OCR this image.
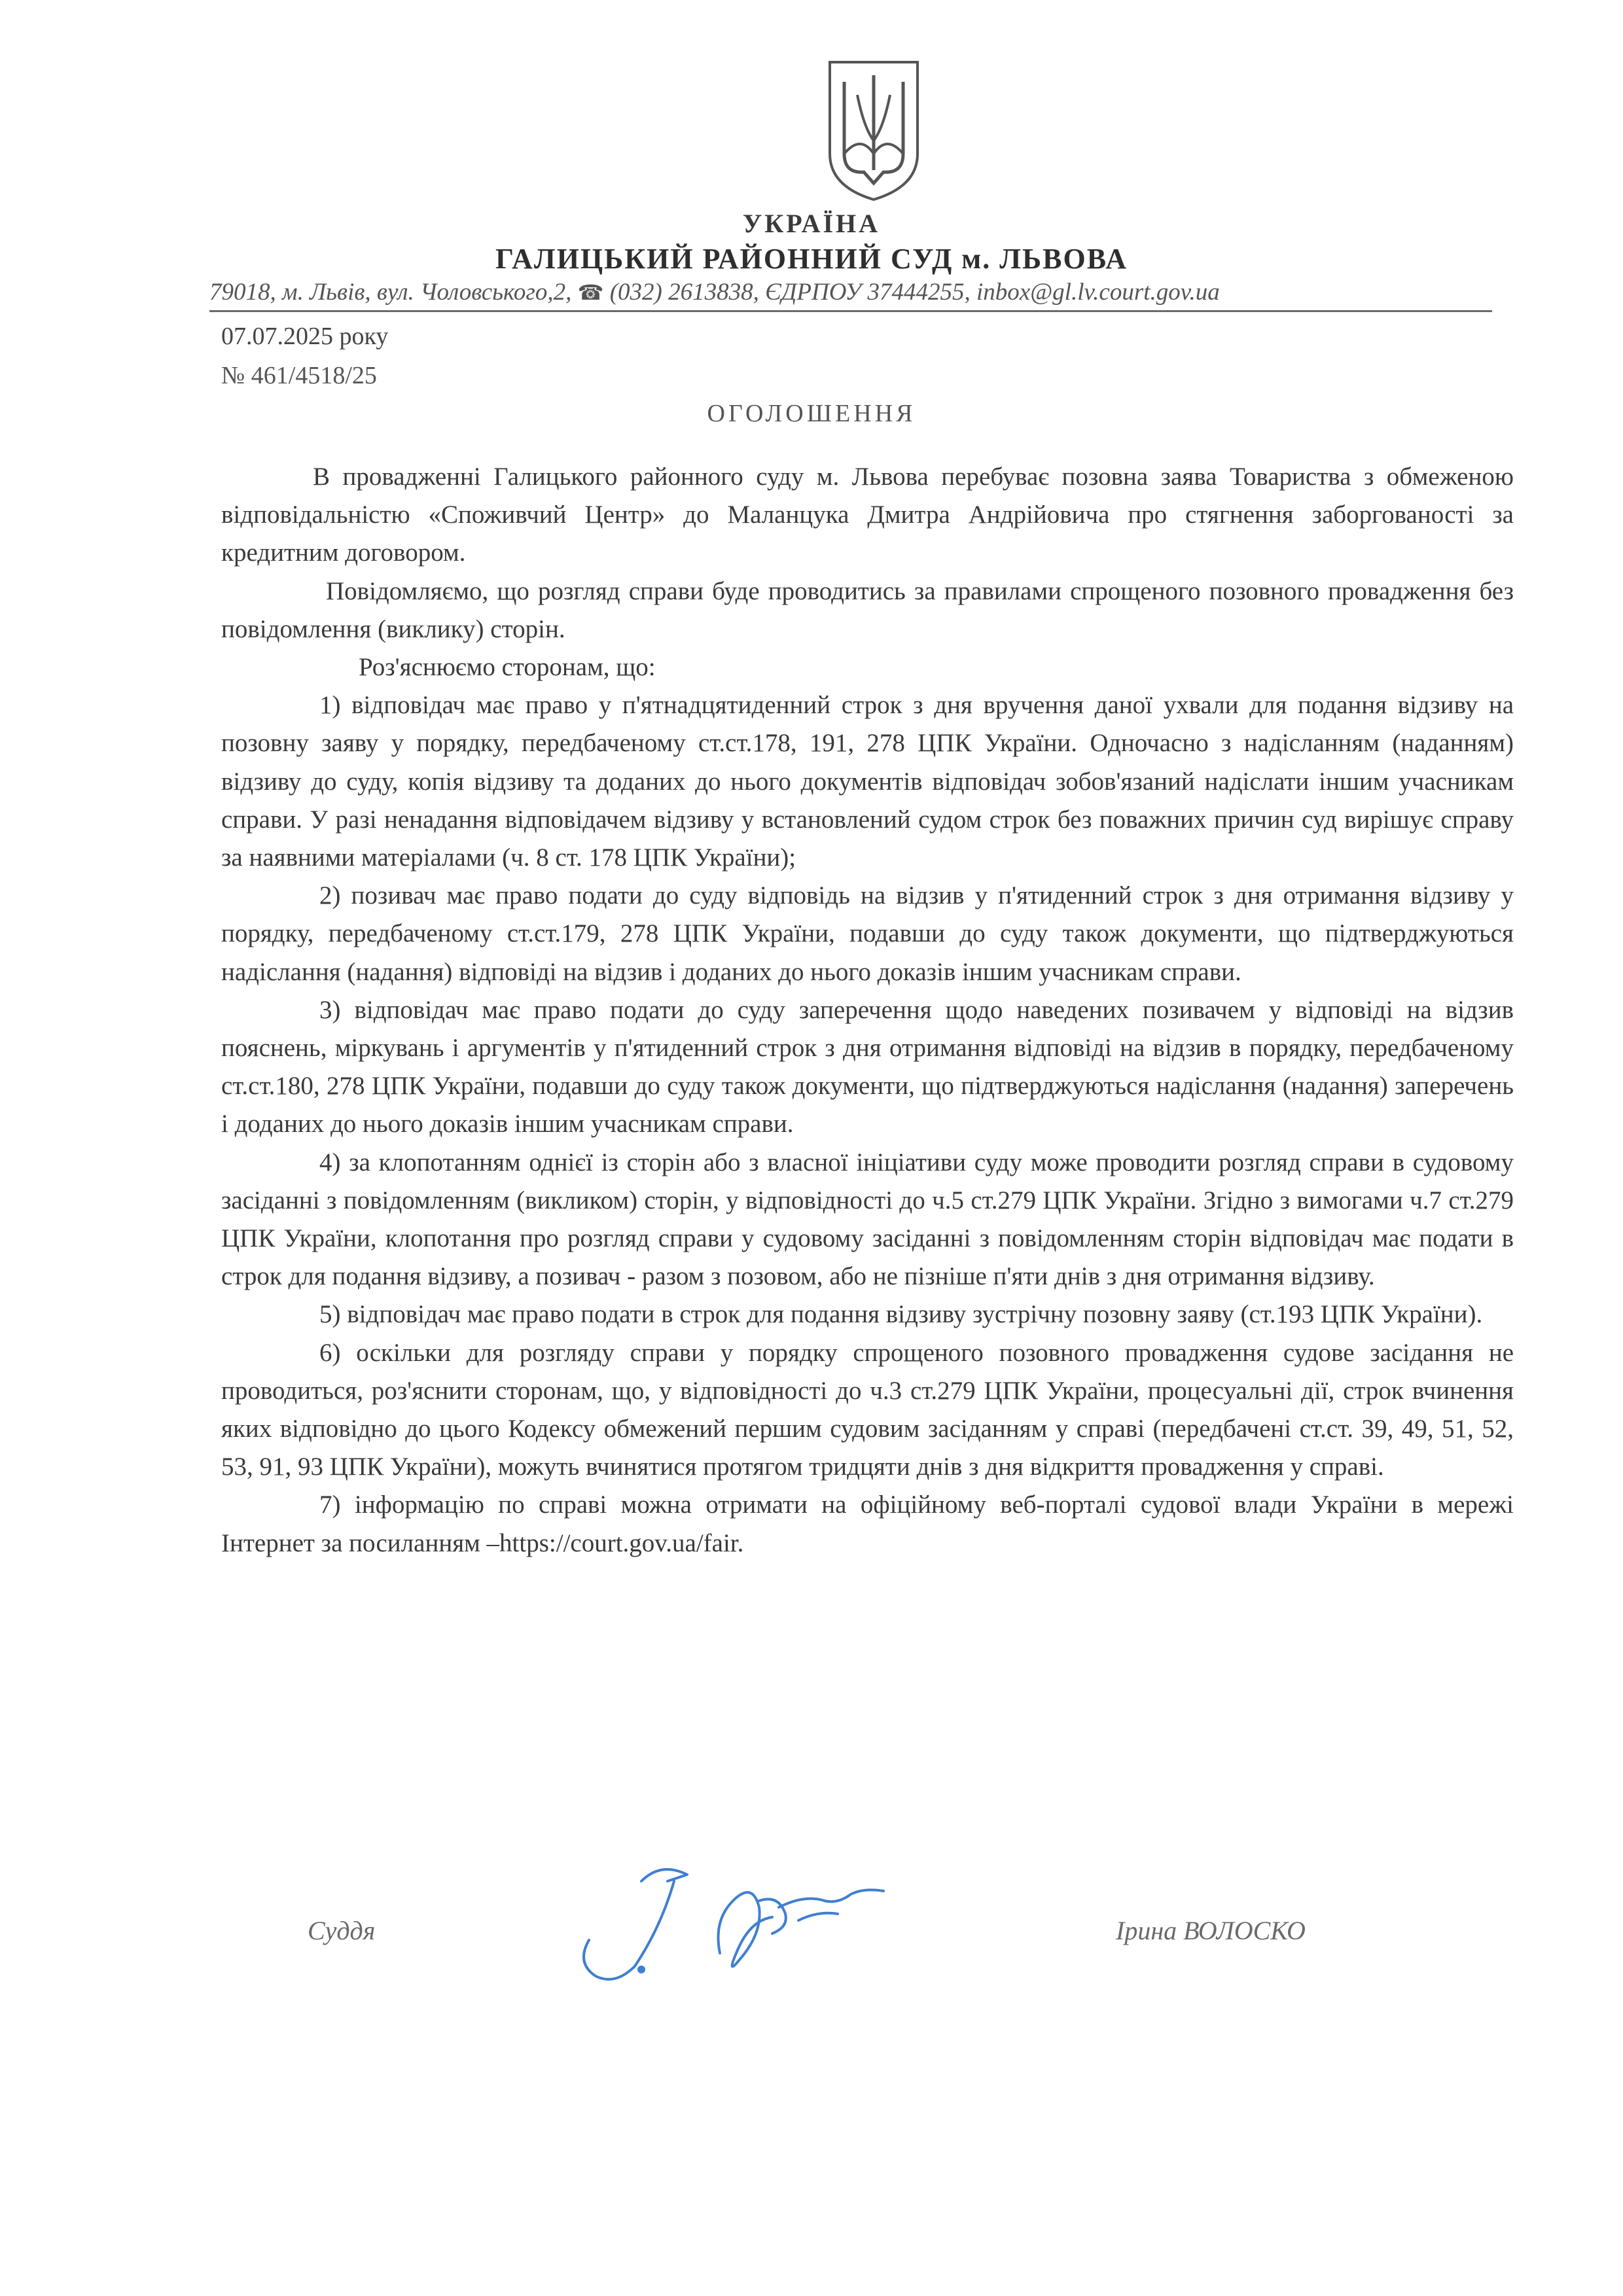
УКРАЇНА
ГАЛИЦЬКИЙ РАЙОННИЙ СУД м. ЛЬВОВА
79018, м. Львів, вул. Чоловського,2, ☎ (032) 2613838, ЄДРПОУ 37444255, inbox@gl.lv.court.gov.ua
07.07.2025 року
№ 461/4518/25
ОГОЛОШЕННЯ

В провадженні Галицького районного суду м. Львова перебуває позовна заява Товариства з обмеженою відповідальністю «Споживчий Центр» до Маланцука Дмитра Андрійовича про стягнення заборгованості за кредитним договором.

Повідомляємо, що розгляд справи буде проводитись за правилами спрощеного позовного провадження без повідомлення (виклику) сторін.

Роз'яснюємо сторонам, що:

1) відповідач має право у п'ятнадцятиденний строк з дня вручення даної ухвали для подання відзиву на позовну заяву у порядку, передбаченому ст.ст.178, 191, 278 ЦПК України. Одночасно з надісланням (наданням) відзиву до суду, копія відзиву та доданих до нього документів відповідач зобов'язаний надіслати іншим учасникам справи. У разі ненадання відповідачем відзиву у встановлений судом строк без поважних причин суд вирішує справу за наявними матеріалами (ч. 8 ст. 178 ЦПК України);

2) позивач має право подати до суду відповідь на відзив у п'ятиденний строк з дня отримання відзиву у порядку, передбаченому ст.ст.179, 278 ЦПК України, подавши до суду також документи, що підтверджуються надіслання (надання) відповіді на відзив і доданих до нього доказів іншим учасникам справи.

3) відповідач має право подати до суду заперечення щодо наведених позивачем у відповіді на відзив пояснень, міркувань і аргументів у п'ятиденний строк з дня отримання відповіді на відзив в порядку, передбаченому ст.ст.180, 278 ЦПК України, подавши до суду також документи, що підтверджуються надіслання (надання) заперечень і доданих до нього доказів іншим учасникам справи.

4) за клопотанням однієї із сторін або з власної ініціативи суду може проводити розгляд справи в судовому засіданні з повідомленням (викликом) сторін, у відповідності до ч.5 ст.279 ЦПК України. Згідно з вимогами ч.7 ст.279 ЦПК України, клопотання про розгляд справи у судовому засіданні з повідомленням сторін відповідач має подати в строк для подання відзиву, а позивач - разом з позовом, або не пізніше п'яти днів з дня отримання відзиву.

5) відповідач має право подати в строк для подання відзиву зустрічну позовну заяву (ст.193 ЦПК України).

6) оскільки для розгляду справи у порядку спрощеного позовного провадження судове засідання не проводиться, роз'яснити сторонам, що, у відповідності до ч.3 ст.279 ЦПК України, процесуальні дії, строк вчинення яких відповідно до цього Кодексу обмежений першим судовим засіданням у справі (передбачені ст.ст. 39, 49, 51, 52, 53, 91, 93 ЦПК України), можуть вчинятися протягом тридцяти днів з дня відкриття провадження у справі.

7) інформацію по справі можна отримати на офіційному веб-порталі судової влади України в мережі Інтернет за посиланням –https://court.gov.ua/fair.

Суддя	Ірина ВОЛОСКО
